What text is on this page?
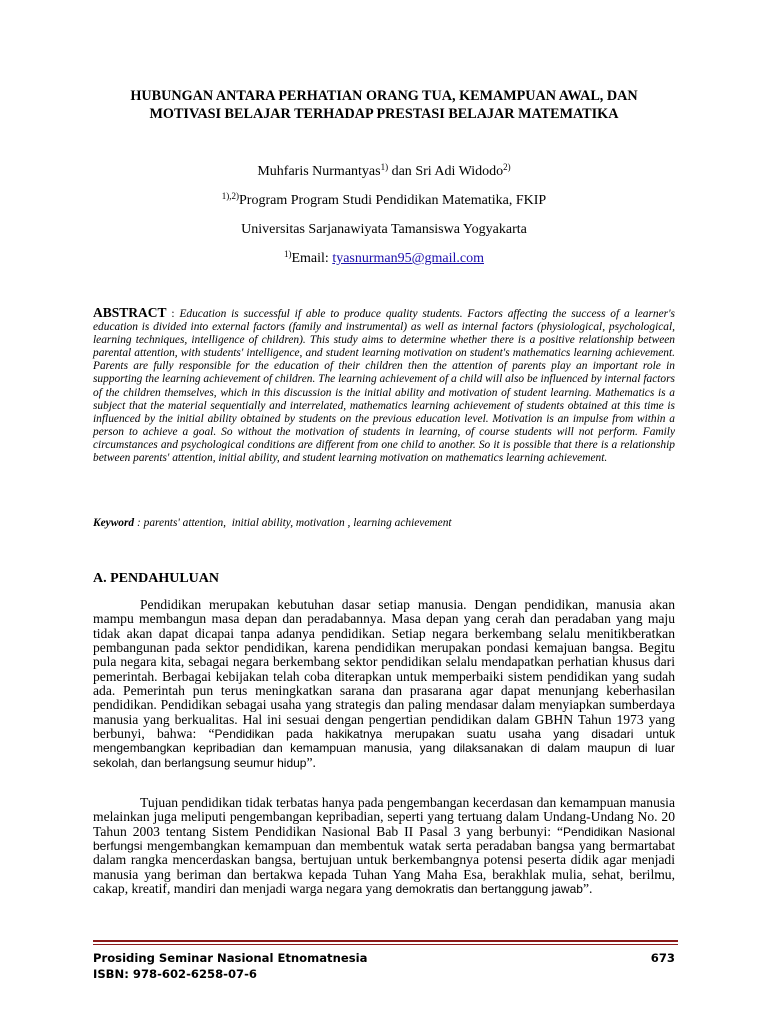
HUBUNGAN ANTARA PERHATIAN ORANG TUA, KEMAMPUAN AWAL, DAN
MOTIVASI BELAJAR TERHADAP PRESTASI BELAJAR MATEMATIKA
Muhfaris Nurmantyas$^{1)}$ dan Sri Adi Widodo$^{2)}$
$^{1),2)}$Program Program Studi Pendidikan Matematika, FKIP
Universitas Sarjanawiyata Tamansiswa Yogyakarta
$^{1)}$Email: tyasnurman95@gmail.com
ABSTRACT : Education is successful if able to produce quality students. Factors affecting the success of a learner's education is divided into external factors (family and instrumental) as well as internal factors (physiological, psychological, learning techniques, intelligence of children). This study aims to determine whether there is a positive relationship between parental attention, with students' intelligence, and student learning motivation on student's mathematics learning achievement. Parents are fully responsible for the education of their children then the attention of parents play an important role in supporting the learning achievement of children. The learning achievement of a child will also be influenced by internal factors of the children themselves, which in this discussion is the initial ability and motivation of student learning. Mathematics is a subject that the material sequentially and interrelated, mathematics learning achievement of students obtained at this time is influenced by the initial ability obtained by students on the previous education level. Motivation is an impulse from within a person to achieve a goal. So without the motivation of students in learning, of course students will not perform. Family circumstances and psychological conditions are different from one child to another. So it is possible that there is a relationship between parents' attention, initial ability, and student learning motivation on mathematics learning achievement.
Keyword : parents' attention,  initial ability, motivation , learning achievement
A. PENDAHULUAN
Pendidikan merupakan kebutuhan dasar setiap manusia. Dengan pendidikan, manusia akan mampu membangun masa depan dan peradabannya. Masa depan yang cerah dan peradaban yang maju tidak akan dapat dicapai tanpa adanya pendidikan. Setiap negara berkembang selalu menitikberatkan pembangunan pada sektor pendidikan, karena pendidikan merupakan pondasi kemajuan bangsa. Begitu pula negara kita, sebagai negara berkembang sektor pendidikan selalu mendapatkan perhatian khusus dari pemerintah. Berbagai kebijakan telah coba diterapkan untuk memperbaiki sistem pendidikan yang sudah ada. Pemerintah pun terus meningkatkan sarana dan prasarana agar dapat menunjang keberhasilan pendidikan. Pendidikan sebagai usaha yang strategis dan paling mendasar dalam menyiapkan sumberdaya manusia yang berkualitas. Hal ini sesuai dengan pengertian pendidikan dalam GBHN Tahun 1973 yang berbunyi, bahwa: “Pendidikan pada hakikatnya merupakan suatu usaha yang disadari untuk mengembangkan kepribadian dan kemampuan manusia, yang dilaksanakan di dalam maupun di luar sekolah, dan berlangsung seumur hidup”.
Tujuan pendidikan tidak terbatas hanya pada pengembangan kecerdasan dan kemampuan manusia melainkan juga meliputi pengembangan kepribadian, seperti yang tertuang dalam Undang-Undang No. 20 Tahun 2003 tentang Sistem Pendidikan Nasional Bab II Pasal 3 yang berbunyi: “Pendidikan Nasional berfungsi mengembangkan kemampuan dan membentuk watak serta peradaban bangsa yang bermartabat dalam rangka mencerdaskan bangsa, bertujuan untuk berkembangnya potensi peserta didik agar menjadi manusia yang beriman dan bertakwa kepada Tuhan Yang Maha Esa, berakhlak mulia, sehat, berilmu, cakap, kreatif, mandiri dan menjadi warga negara yang demokratis dan bertanggung jawab”.
Prosiding Seminar Nasional Etnomatnesia	673
ISBN: 978-602-6258-07-6
